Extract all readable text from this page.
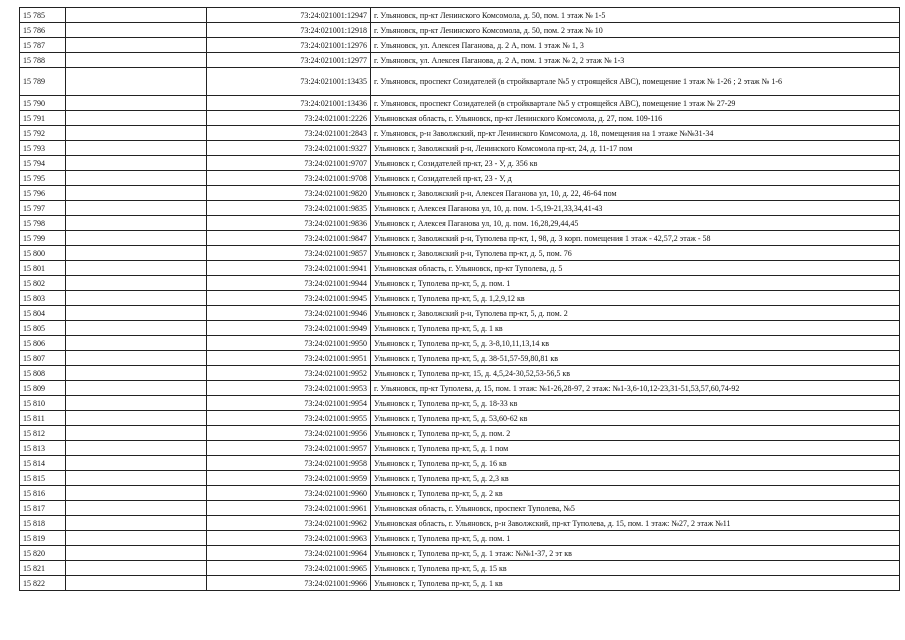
15 785		73:24:021001:12947	г. Ульяновск, пр-кт Ленинского Комсомола, д. 50, пом. 1 этаж № 1-5
15 786		73:24:021001:12918	г. Ульяновск, пр-кт Ленинского Комсомола, д. 50, пом. 2 этаж № 10
15 787		73:24:021001:12976	г. Ульяновск, ул. Алексея Паганова, д. 2 А, пом. 1 этаж № 1, 3
15 788		73:24:021001:12977	г. Ульяновск, ул. Алексея Паганова, д. 2 А, пом. 1 этаж № 2, 2 этаж № 1-3
15 789		73:24:021001:13435	г. Ульяновск, проспект Созидателей (в стройквартале №5 у строящейся АВС), помещение 1 этаж № 1-26 ; 2 этаж № 1-6
15 790		73:24:021001:13436	г. Ульяновск, проспект Созидателей (в стройквартале №5 у строящейся АВС), помещение 1 этаж № 27-29
15 791		73:24:021001:2226	Ульяновская область, г. Ульяновск, пр-кт Ленинского Комсомола, д. 27, пом. 109-116
15 792		73:24:021001:2843	г. Ульяновск, р-н Заволжский, пр-кт Ленинского Комсомола, д. 18, помещения на 1 этаже №№31-34
15 793		73:24:021001:9327	Ульяновск г, Заволжский р-н, Ленинского Комсомола пр-кт, 24, д. 11-17 пом
15 794		73:24:021001:9707	Ульяновск г, Созидателей пр-кт, 23 - У, д. 356 кв
15 795		73:24:021001:9708	Ульяновск г, Созидателей пр-кт, 23 - У, д
15 796		73:24:021001:9820	Ульяновск г, Заволжский р-н, Алексея Паганова ул, 10, д. 22, 46-64 пом
15 797		73:24:021001:9835	Ульяновск г, Алексея Паганова ул, 10, д. пом. 1-5,19-21,33,34,41-43
15 798		73:24:021001:9836	Ульяновск г, Алексея Паганова ул, 10, д. пом. 16,28,29,44,45
15 799		73:24:021001:9847	Ульяновск г, Заволжский р-н, Туполева пр-кт, 1, 98, д. 3 корп. помещения 1 этаж - 42,57,2 этаж - 58
15 800		73:24:021001:9857	Ульяновск г, Заволжский р-н, Туполева пр-кт, д. 5, пом. 76
15 801		73:24:021001:9941	Ульяновская область, г. Ульяновск, пр-кт Туполева, д. 5
15 802		73:24:021001:9944	Ульяновск г, Туполева пр-кт, 5, д. пом. 1
15 803		73:24:021001:9945	Ульяновск г, Туполева пр-кт, 5, д. 1,2,9,12 кв
15 804		73:24:021001:9946	Ульяновск г, Заволжский р-н, Туполева пр-кт, 5, д. пом. 2
15 805		73:24:021001:9949	Ульяновск г, Туполева пр-кт, 5, д. 1 кв
15 806		73:24:021001:9950	Ульяновск г, Туполева пр-кт, 5, д. 3-8,10,11,13,14 кв
15 807		73:24:021001:9951	Ульяновск г, Туполева пр-кт, 5, д. 38-51,57-59,80,81 кв
15 808		73:24:021001:9952	Ульяновск г, Туполева пр-кт, 15, д. 4,5,24-30,52,53-56,5 кв
15 809		73:24:021001:9953	г. Ульяновск, пр-кт Туполева, д. 15, пом. 1 этаж: №1-26,28-97, 2 этаж: №1-3,6-10,12-23,31-51,53,57,60,74-92
15 810		73:24:021001:9954	Ульяновск г, Туполева пр-кт, 5, д. 18-33 кв
15 811		73:24:021001:9955	Ульяновск г, Туполева пр-кт, 5, д. 53,60-62 кв
15 812		73:24:021001:9956	Ульяновск г, Туполева пр-кт, 5, д. пом. 2
15 813		73:24:021001:9957	Ульяновск г, Туполева пр-кт, 5, д. 1 пом
15 814		73:24:021001:9958	Ульяновск г, Туполева пр-кт, 5, д. 16 кв
15 815		73:24:021001:9959	Ульяновск г, Туполева пр-кт, 5, д. 2,3 кв
15 816		73:24:021001:9960	Ульяновск г, Туполева пр-кт, 5, д. 2 кв
15 817		73:24:021001:9961	Ульяновская область, г. Ульяновск, проспект Туполева, №5
15 818		73:24:021001:9962	Ульяновская область, г. Ульяновск, р-н Заволжский, пр-кт Туполева, д. 15, пом. 1 этаж: №27, 2 этаж №11
15 819		73:24:021001:9963	Ульяновск г, Туполева пр-кт, 5, д. пом. 1
15 820		73:24:021001:9964	Ульяновск г, Туполева пр-кт, 5, д. 1 этаж: №№1-37, 2 эт кв
15 821		73:24:021001:9965	Ульяновск г, Туполева пр-кт, 5, д. 15 кв
15 822		73:24:021001:9966	Ульяновск г, Туполева пр-кт, 5, д. 1 кв
